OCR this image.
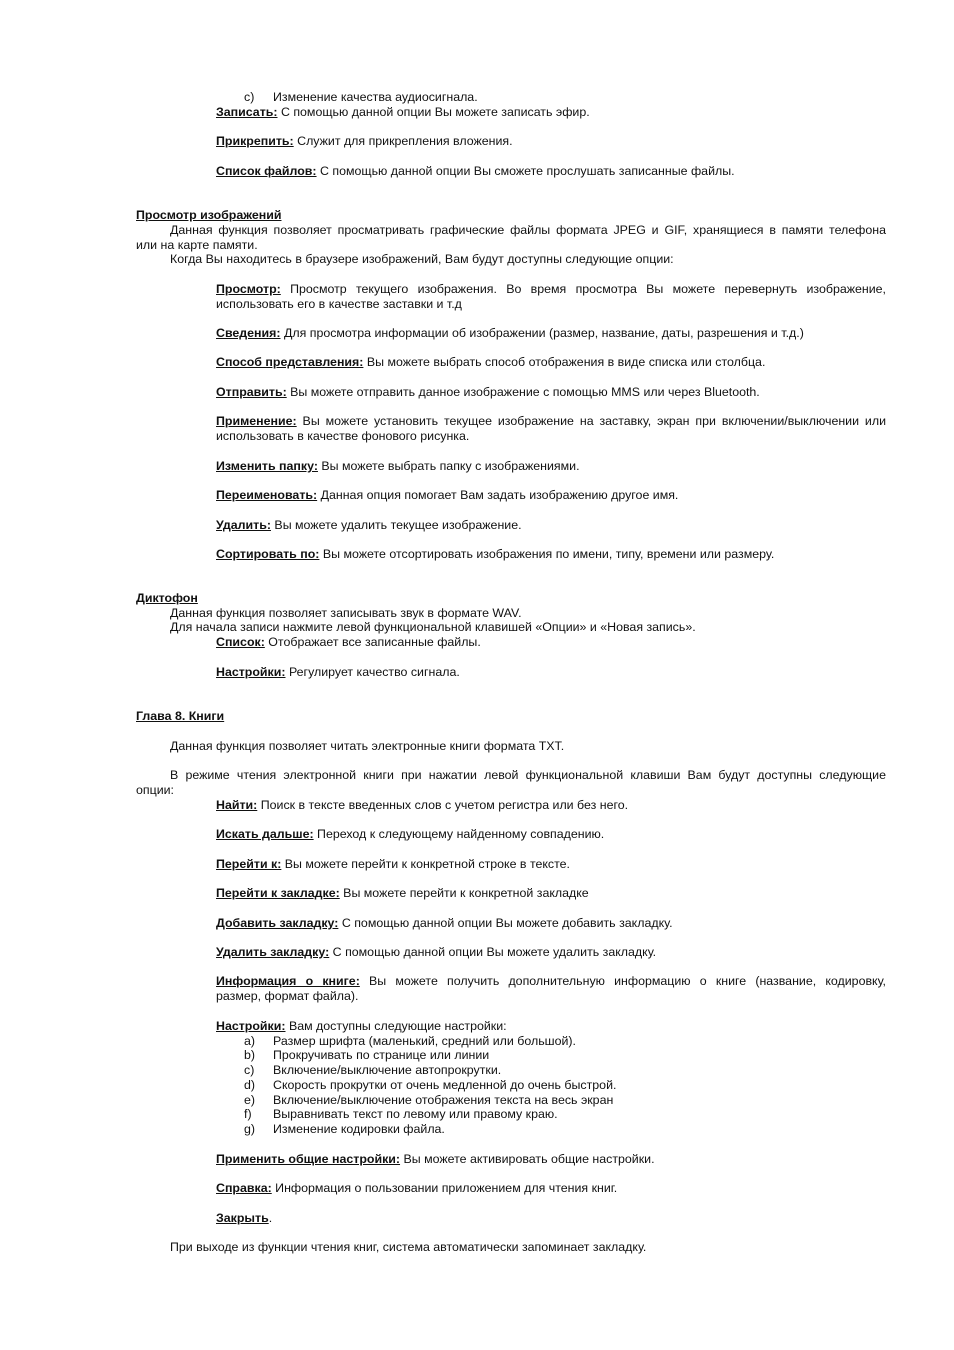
c) Изменение качества аудиосигнала.
Записать: С помощью данной опции Вы можете записать эфир.
Прикрепить: Служит для прикрепления вложения.
Список файлов: С помощью данной опции Вы сможете прослушать записанные файлы.
Просмотр изображений
Данная функция позволяет просматривать графические файлы формата JPEG и GIF, хранящиеся в памяти телефона
или на карте памяти.
Когда Вы находитесь в браузере изображений, Вам будут доступны следующие опции:
Просмотр: Просмотр текущего изображения. Во время просмотра Вы можете перевернуть изображение,
использовать его в качестве заставки и т.д
Сведения: Для просмотра информации об изображении (размер, название, даты, разрешения и т.д.)
Способ представления: Вы можете выбрать способ отображения в виде списка или столбца.
Отправить: Вы можете отправить данное изображение с помощью MMS или через Bluetooth.
Применение: Вы можете установить текущее изображение на заставку, экран при включении/выключении или
использовать в качестве фонового рисунка.
Изменить папку: Вы можете выбрать папку с изображениями.
Переименовать: Данная опция помогает Вам задать изображению другое имя.
Удалить: Вы можете удалить текущее изображение.
Сортировать по: Вы можете отсортировать изображения по имени, типу, времени или размеру.
Диктофон
Данная функция позволяет записывать звук в формате WAV.
Для начала записи нажмите левой функциональной клавишей «Опции» и «Новая запись».
Список: Отображает все записанные файлы.
Настройки: Регулирует качество сигнала.
Глава 8. Книги
Данная функция позволяет читать электронные книги формата TXT.
В режиме чтения электронной книги при нажатии левой функциональной клавиши Вам будут доступны следующие
опции:
Найти: Поиск в тексте введенных слов с учетом регистра или без него.
Искать дальше: Переход к следующему найденному совпадению.
Перейти к: Вы можете перейти к конкретной строке в тексте.
Перейти к закладке: Вы можете перейти к конкретной закладке
Добавить закладку: С помощью данной опции Вы можете добавить закладку.
Удалить закладку: С помощью данной опции Вы можете удалить закладку.
Информация о книге: Вы можете получить дополнительную информацию о книге (название, кодировку,
размер, формат файла).
Настройки: Вам доступны следующие настройки:
a) Размер шрифта (маленький, средний или большой).
b) Прокручивать по странице или линии
c) Включение/выключение автопрокрутки.
d) Скорость прокрутки от очень медленной до очень быстрой.
e) Включение/выключение отображения текста на весь экран
f) Выравнивать текст по левому или правому краю.
g) Изменение кодировки файла.
Применить общие настройки: Вы можете активировать общие настройки.
Справка: Информация о пользовании приложением для чтения книг.
Закрыть.
При выходе из функции чтения книг, система автоматически запоминает закладку.
